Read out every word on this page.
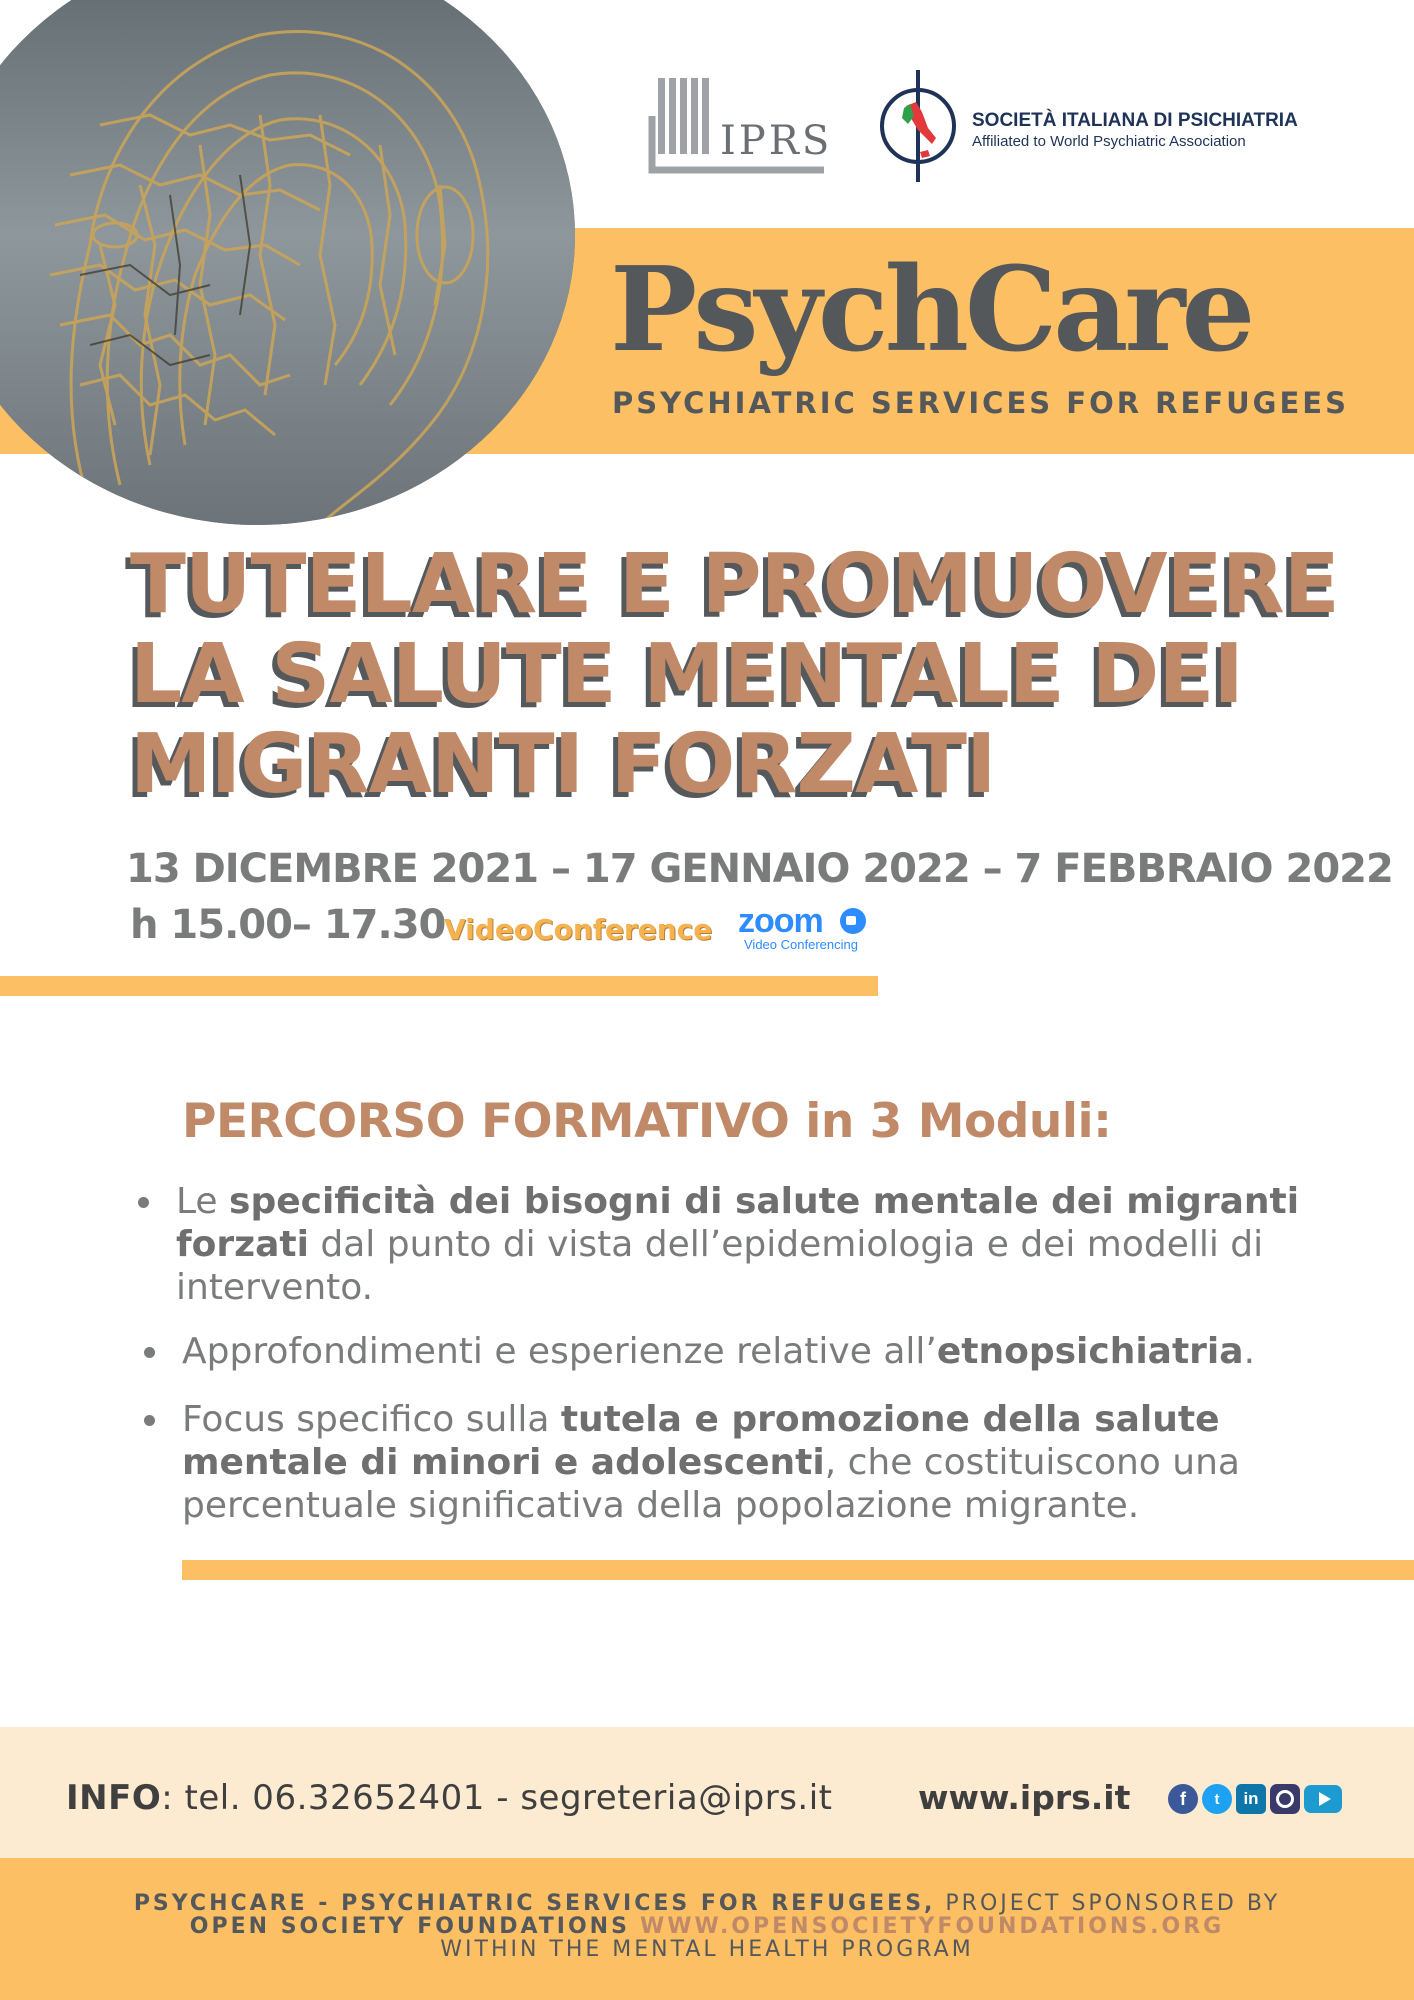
IPRS	SOCIETÀ ITALIANA DI PSICHIATRIA
Affiliated to World Psychiatric Association
PsychCare
PSYCHIATRIC SERVICES FOR REFUGEES
TUTELARE E PROMUOVERE
LA SALUTE MENTALE DEI
MIGRANTI FORZATI
13 DICEMBRE 2021 – 17 GENNAIO 2022 – 7 FEBBRAIO 2022
h 15.00– 17.30
VideoConference zoom
Video Conferencing
PERCORSO FORMATIVO in 3 Moduli:
Le specificità dei bisogni di salute mentale dei migranti forzati dal punto di vista dell’epidemiologia e dei modelli di intervento.
Approfondimenti e esperienze relative all’etnopsichiatria.
Focus specifico sulla tutela e promozione della salute mentale di minori e adolescenti, che costituiscono una percentuale significativa della popolazione migrante.
INFO: tel. 06.32652401 - segreteria@iprs.it	www.iprs.it	f	t	in
PSYCHCARE - PSYCHIATRIC SERVICES FOR REFUGEES, PROJECT SPONSORED BY
OPEN SOCIETY FOUNDATIONS WWW.OPENSOCIETYFOUNDATIONS.ORG
WITHIN THE MENTAL HEALTH PROGRAM
